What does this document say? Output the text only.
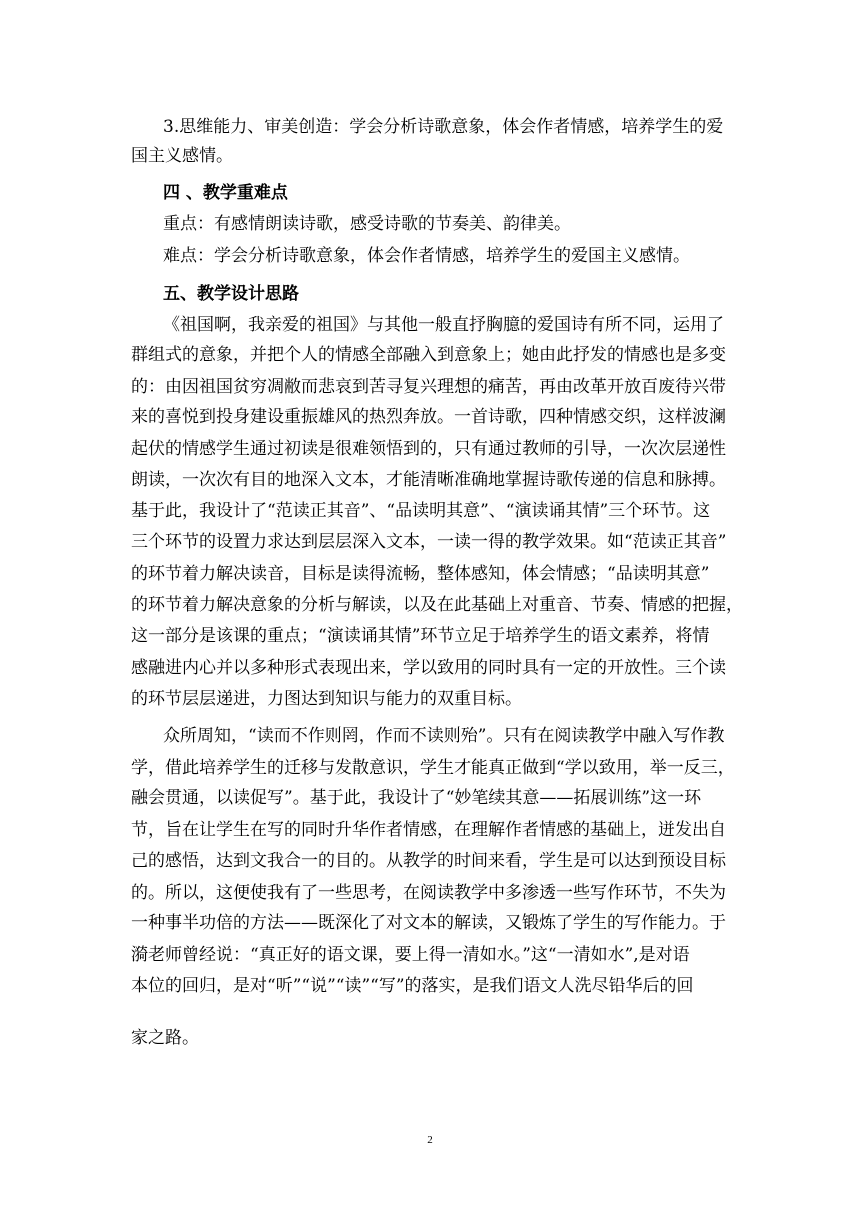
3.思维能力、审美创造：学会分析诗歌意象，体会作者情感，培养学生的爱

国主义感情。

四 、教学重难点

重点：有感情朗读诗歌，感受诗歌的节奏美、韵律美。

难点：学会分析诗歌意象，体会作者情感，培养学生的爱国主义感情。

五、教学设计思路

《祖国啊，我亲爱的祖国》与其他一般直抒胸臆的爱国诗有所不同，运用了

群组式的意象，并把个人的情感全部融入到意象上；她由此抒发的情感也是多变

的：由因祖国贫穷凋敝而悲哀到苦寻复兴理想的痛苦，再由改革开放百废待兴带

来的喜悦到投身建设重振雄风的热烈奔放。一首诗歌，四种情感交织，这样波澜

起伏的情感学生通过初读是很难领悟到的，只有通过教师的引导，一次次层递性

朗读，一次次有目的地深入文本，才能清晰准确地掌握诗歌传递的信息和脉搏。

基于此，我设计了“范读正其音”、“品读明其意”、“演读诵其情”三个环节。这

三个环节的设置力求达到层层深入文本，一读一得的教学效果。如“范读正其音”

的环节着力解决读音，目标是读得流畅，整体感知，体会情感；“品读明其意”

的环节着力解决意象的分析与解读，以及在此基础上对重音、节奏、情感的把握，

这一部分是该课的重点；“演读诵其情”环节立足于培养学生的语文素养，将情

感融进内心并以多种形式表现出来，学以致用的同时具有一定的开放性。三个读

的环节层层递进，力图达到知识与能力的双重目标。

众所周知，“读而不作则罔，作而不读则殆”。只有在阅读教学中融入写作教

学，借此培养学生的迁移与发散意识，学生才能真正做到“学以致用，举一反三，

融会贯通，以读促写”。基于此，我设计了“妙笔续其意——拓展训练”这一环

节，旨在让学生在写的同时升华作者情感，在理解作者情感的基础上，迸发出自

己的感悟，达到文我合一的目的。从教学的时间来看，学生是可以达到预设目标

的。所以，这便使我有了一些思考，在阅读教学中多渗透一些写作环节，不失为

一种事半功倍的方法——既深化了对文本的解读，又锻炼了学生的写作能力。于

漪老师曾经说：“真正好的语文课，要上得一清如水。”这“一清如水”,是对语

本位的回归，是对“听”“说”“读”“写”的落实，是我们语文人洗尽铅华后的回

家之路。

2
